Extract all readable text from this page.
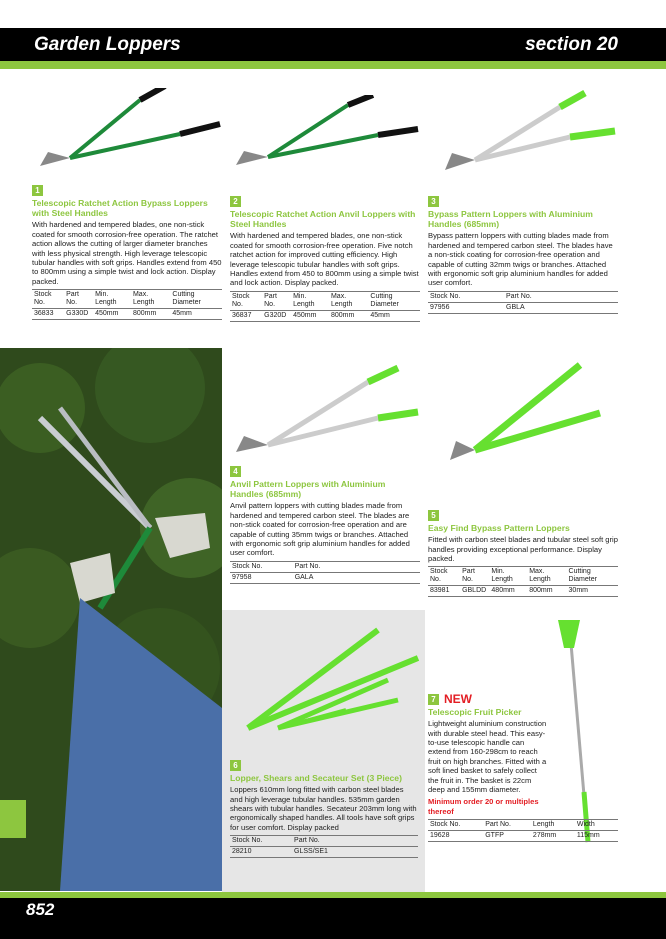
Garden Loppers	section 20
1
Telescopic Ratchet Action Bypass Loppers with Steel Handles
With hardened and tempered blades, one non-stick coated for smooth corrosion-free operation. The ratchet action allows the cutting of larger diameter branches with less physical strength. High leverage telescopic tubular handles with soft grips. Handles extend from 450 to 800mm using a simple twist and lock action. Display packed.
Stock No.	Part No.	Min. Length	Max. Length	Cutting Diameter
36833	G330D	450mm	800mm	45mm
2
Telescopic Ratchet Action Anvil Loppers with Steel Handles
With hardened and tempered blades, one non-stick coated for smooth corrosion-free operation. Five notch ratchet action for improved cutting efficiency. High leverage telescopic tubular handles with soft grips. Handles extend from 450 to 800mm using a simple twist and lock action. Display packed.
Stock No.	Part No.	Min. Length	Max. Length	Cutting Diameter
36837	G320D	450mm	800mm	45mm
3
Bypass Pattern Loppers with Aluminium Handles (685mm)
Bypass pattern loppers with cutting blades made from hardened and tempered carbon steel. The blades have a non-stick coating for corrosion-free operation and capable of cutting 32mm twigs or branches. Attached with ergonomic soft grip aluminium handles for added user comfort.
Stock No.	Part No.
97956	GBLA
4
Anvil Pattern Loppers with Aluminium Handles (685mm)
Anvil pattern loppers with cutting blades made from hardened and tempered carbon steel. The blades are non-stick coated for corrosion-free operation and are capable of cutting 35mm twigs or branches. Attached with ergonomic soft grip aluminium handles for added user comfort.
Stock No.	Part No.
97958	GALA
5
Easy Find Bypass Pattern Loppers
Fitted with carbon steel blades and tubular steel soft grip handles providing exceptional performance. Display packed.
Stock No.	Part No.	Min. Length	Max. Length	Cutting Diameter
83981	GBLDD	480mm	800mm	30mm
6
Lopper, Shears and Secateur Set (3 Piece)
Loppers 610mm long fitted with carbon steel blades and high leverage tubular handles. 535mm garden shears with tubular handles. Secateur 203mm long with ergonomically shaped handles. All tools have soft grips for user comfort. Display packed
Stock No.	Part No.
28210	GLSS/SE1
7 NEW
Telescopic Fruit Picker
Lightweight aluminium construction with durable steel head. This easy-to-use telescopic handle can extend from 160-298cm to reach fruit on high branches. Fitted with a soft lined basket to safely collect the fruit in. The basket is 22cm deep and 155mm diameter.
Minimum order 20 or multiples thereof
Stock No.	Part No.	Length	Width
19628	GTFP	278mm	115mm
852
